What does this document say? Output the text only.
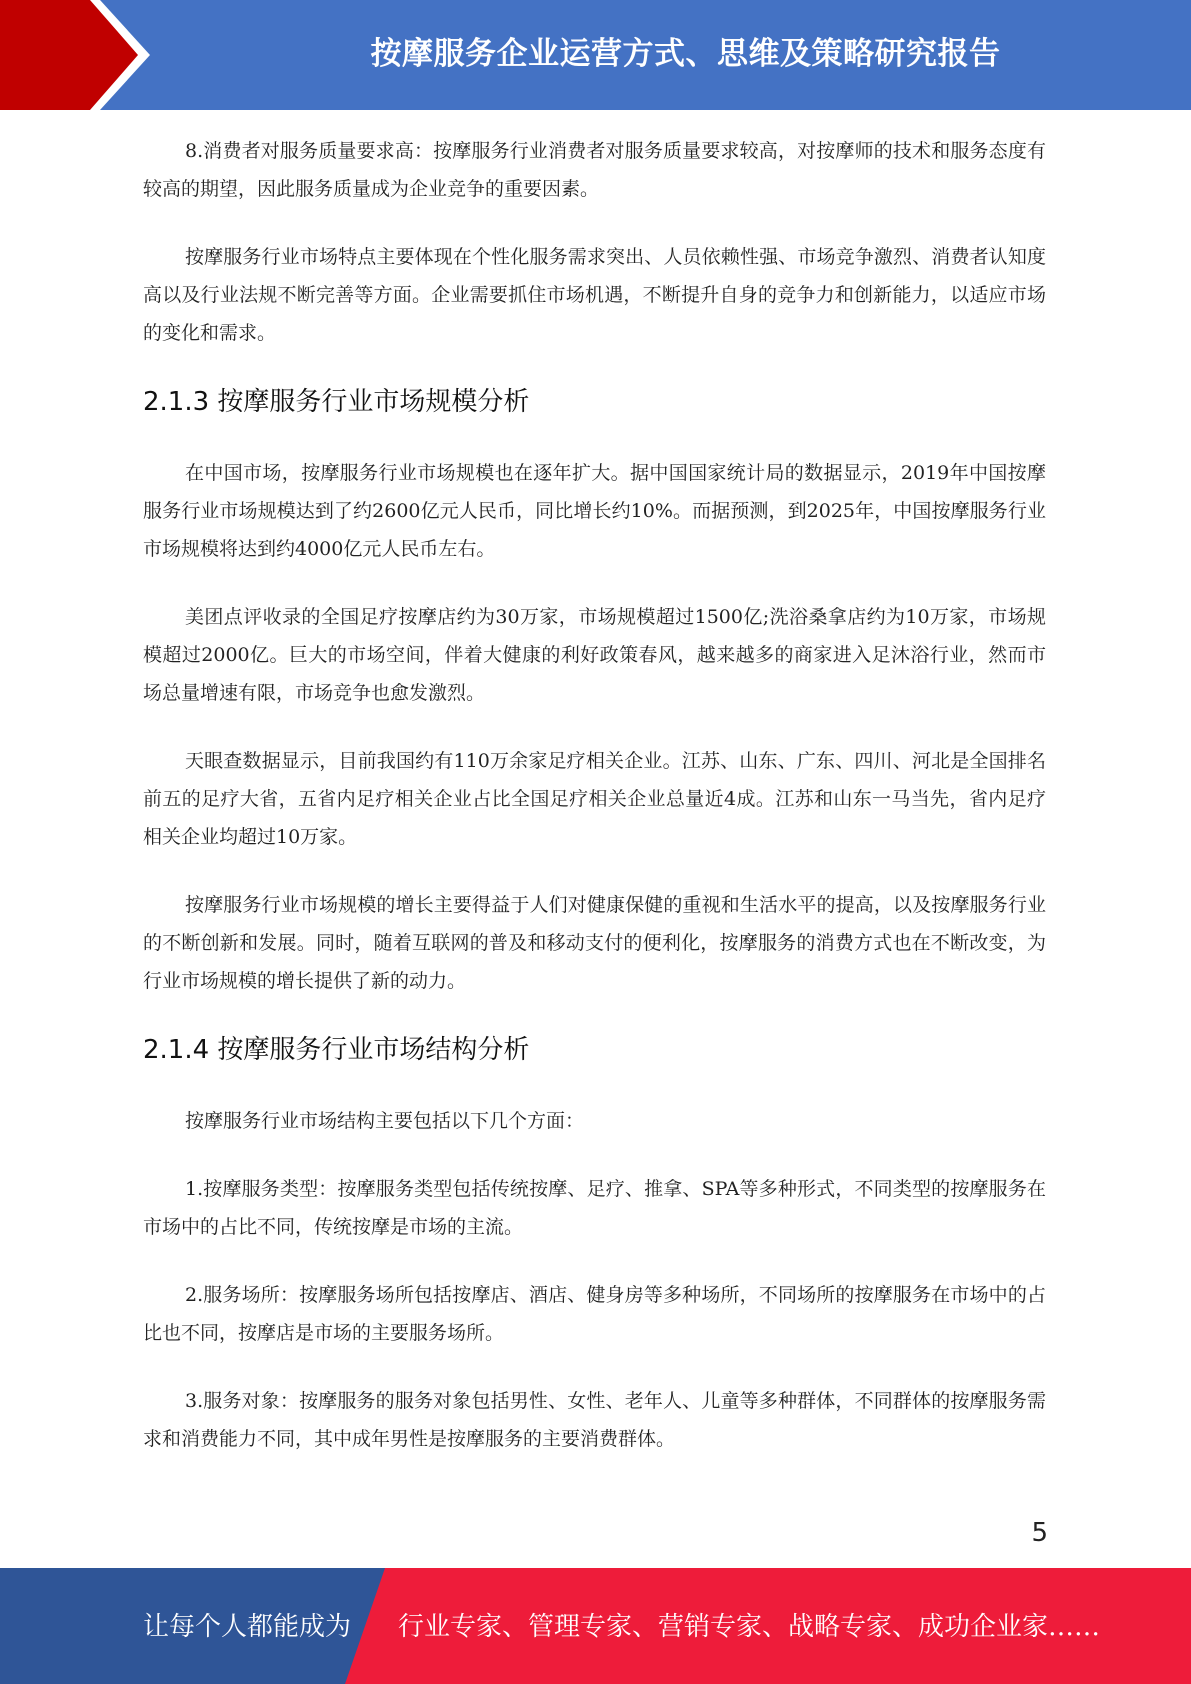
按摩服务企业运营方式、思维及策略研究报告

8.消费者对服务质量要求高：按摩服务行业消费者对服务质量要求较高，对按摩师的技术和服务态度有较高的期望，因此服务质量成为企业竞争的重要因素。

按摩服务行业市场特点主要体现在个性化服务需求突出、人员依赖性强、市场竞争激烈、消费者认知度高以及行业法规不断完善等方面。企业需要抓住市场机遇，不断提升自身的竞争力和创新能力，以适应市场的变化和需求。

2.1.3 按摩服务行业市场规模分析

在中国市场，按摩服务行业市场规模也在逐年扩大。据中国国家统计局的数据显示，2019年中国按摩服务行业市场规模达到了约2600亿元人民币，同比增长约10%。而据预测，到2025年，中国按摩服务行业市场规模将达到约4000亿元人民币左右。

美团点评收录的全国足疗按摩店约为30万家，市场规模超过1500亿;洗浴桑拿店约为10万家，市场规模超过2000亿。巨大的市场空间，伴着大健康的利好政策春风，越来越多的商家进入足沐浴行业，然而市场总量增速有限，市场竞争也愈发激烈。

天眼查数据显示，目前我国约有110万余家足疗相关企业。江苏、山东、广东、四川、河北是全国排名前五的足疗大省，五省内足疗相关企业占比全国足疗相关企业总量近4成。江苏和山东一马当先，省内足疗相关企业均超过10万家。

按摩服务行业市场规模的增长主要得益于人们对健康保健的重视和生活水平的提高，以及按摩服务行业的不断创新和发展。同时，随着互联网的普及和移动支付的便利化，按摩服务的消费方式也在不断改变，为行业市场规模的增长提供了新的动力。

2.1.4 按摩服务行业市场结构分析

按摩服务行业市场结构主要包括以下几个方面：

1.按摩服务类型：按摩服务类型包括传统按摩、足疗、推拿、SPA等多种形式，不同类型的按摩服务在市场中的占比不同，传统按摩是市场的主流。

2.服务场所：按摩服务场所包括按摩店、酒店、健身房等多种场所，不同场所的按摩服务在市场中的占比也不同，按摩店是市场的主要服务场所。

3.服务对象：按摩服务的服务对象包括男性、女性、老年人、儿童等多种群体，不同群体的按摩服务需求和消费能力不同，其中成年男性是按摩服务的主要消费群体。

5
让每个人都能成为 行业专家、管理专家、营销专家、战略专家、成功企业家……
